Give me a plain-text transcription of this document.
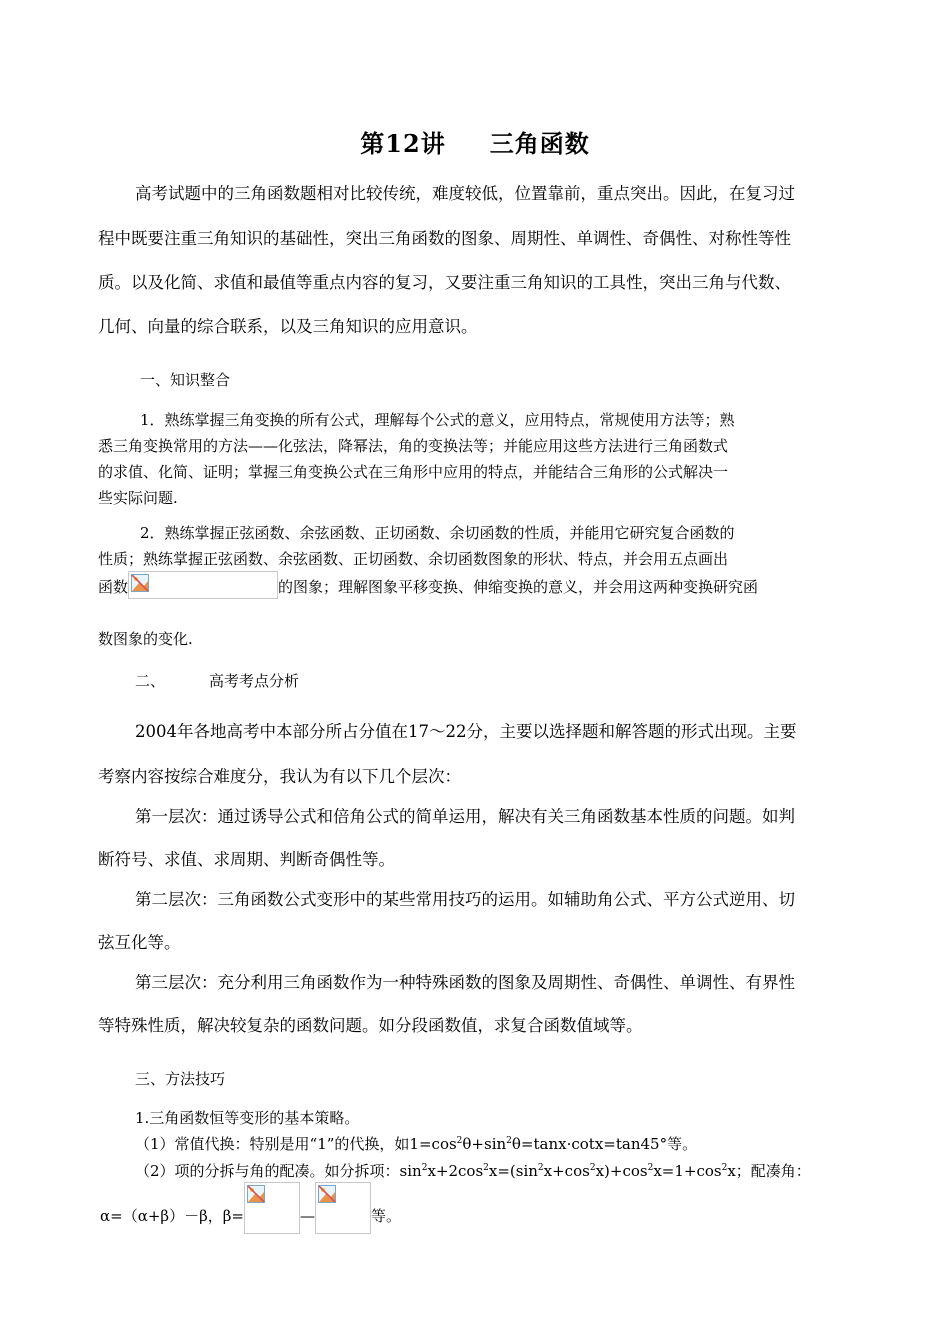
第12讲 三角函数
高考试题中的三角函数题相对比较传统，难度较低，位置靠前，重点突出。因此，在复习过
程中既要注重三角知识的基础性，突出三角函数的图象、周期性、单调性、奇偶性、对称性等性
质。以及化简、求值和最值等重点内容的复习，又要注重三角知识的工具性，突出三角与代数、
几何、向量的综合联系，以及三角知识的应用意识。
一、知识整合
1．熟练掌握三角变换的所有公式，理解每个公式的意义，应用特点，常规使用方法等；熟
悉三角变换常用的方法——化弦法，降幂法，角的变换法等；并能应用这些方法进行三角函数式
的求值、化简、证明；掌握三角变换公式在三角形中应用的特点，并能结合三角形的公式解决一
些实际问题.
2．熟练掌握正弦函数、余弦函数、正切函数、余切函数的性质，并能用它研究复合函数的
性质；熟练掌握正弦函数、余弦函数、正切函数、余切函数图象的形状、特点，并会用五点画出
函数	的图象；理解图象平移变换、伸缩变换的意义，并会用这两种变换研究函
数图象的变化.
二、	高考考点分析
2004年各地高考中本部分所占分值在17～22分，主要以选择题和解答题的形式出现。主要
考察内容按综合难度分，我认为有以下几个层次：
第一层次：通过诱导公式和倍角公式的简单运用，解决有关三角函数基本性质的问题。如判
断符号、求值、求周期、判断奇偶性等。
第二层次：三角函数公式变形中的某些常用技巧的运用。如辅助角公式、平方公式逆用、切
弦互化等。
第三层次：充分利用三角函数作为一种特殊函数的图象及周期性、奇偶性、单调性、有界性
等特殊性质，解决较复杂的函数问题。如分段函数值，求复合函数值域等。
三、方法技巧
1.三角函数恒等变形的基本策略。
（1）常值代换：特别是用“1”的代换，如$1=\cos^2\theta+\sin^2\theta=\tan x\cdot\cot x=\tan 45^\circ$等。
（2）项的分拆与角的配凑。如分拆项：$\sin^2x+2\cos^2x=(\sin^2x+\cos^2x)+\cos^2x=1+\cos^2x$；配凑角：
α=（α+β）－β，β=	—	等。
